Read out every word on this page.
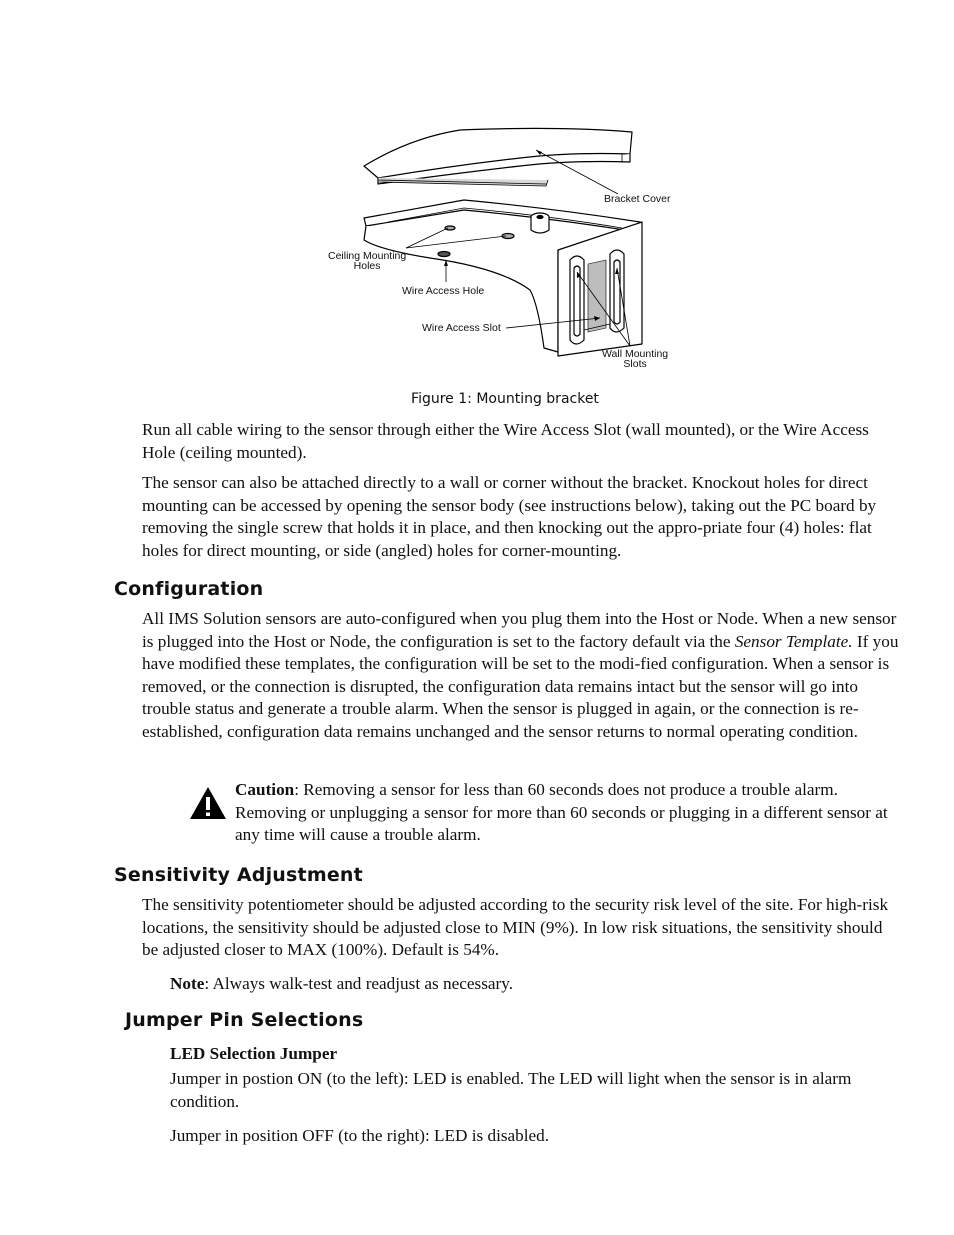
Bracket Cover
Ceiling Mounting
Holes
Wire Access Hole
Wire Access Slot
Wall Mounting
Slots
Figure 1: Mounting bracket

Run all cable wiring to the sensor through either the Wire Access Slot (wall mounted), or the Wire Access Hole (ceiling mounted).

The sensor can also be attached directly to a wall or corner without the bracket. Knockout holes for direct mounting can be accessed by opening the sensor body (see instructions below), taking out the PC board by removing the single screw that holds it in place, and then knocking out the appro-priate four (4) holes: flat holes for direct mounting, or side (angled) holes for corner-mounting.

Configuration

All IMS Solution sensors are auto-configured when you plug them into the Host or Node. When a new sensor is plugged into the Host or Node, the configuration is set to the factory default via the Sensor Template. If you have modified these templates, the configuration will be set to the modi-fied configuration. When a sensor is removed, or the connection is disrupted, the configuration data remains intact but the sensor will go into trouble status and generate a trouble alarm. When the sensor is plugged in again, or the connection is re-established, configuration data remains unchanged and the sensor returns to normal operating condition.

Caution: Removing a sensor for less than 60 seconds does not produce a trouble alarm. Removing or unplugging a sensor for more than 60 seconds or plugging in a different sensor at any time will cause a trouble alarm.

Sensitivity Adjustment

The sensitivity potentiometer should be adjusted according to the security risk level of the site. For high-risk locations, the sensitivity should be adjusted close to MIN (9%). In low risk situations, the sensitivity should be adjusted closer to MAX (100%). Default is 54%.

Note: Always walk-test and readjust as necessary.

Jumper Pin Selections

LED Selection Jumper

Jumper in postion ON (to the left): LED is enabled. The LED will light when the sensor is in alarm condition.

Jumper in position OFF (to the right): LED is disabled.
